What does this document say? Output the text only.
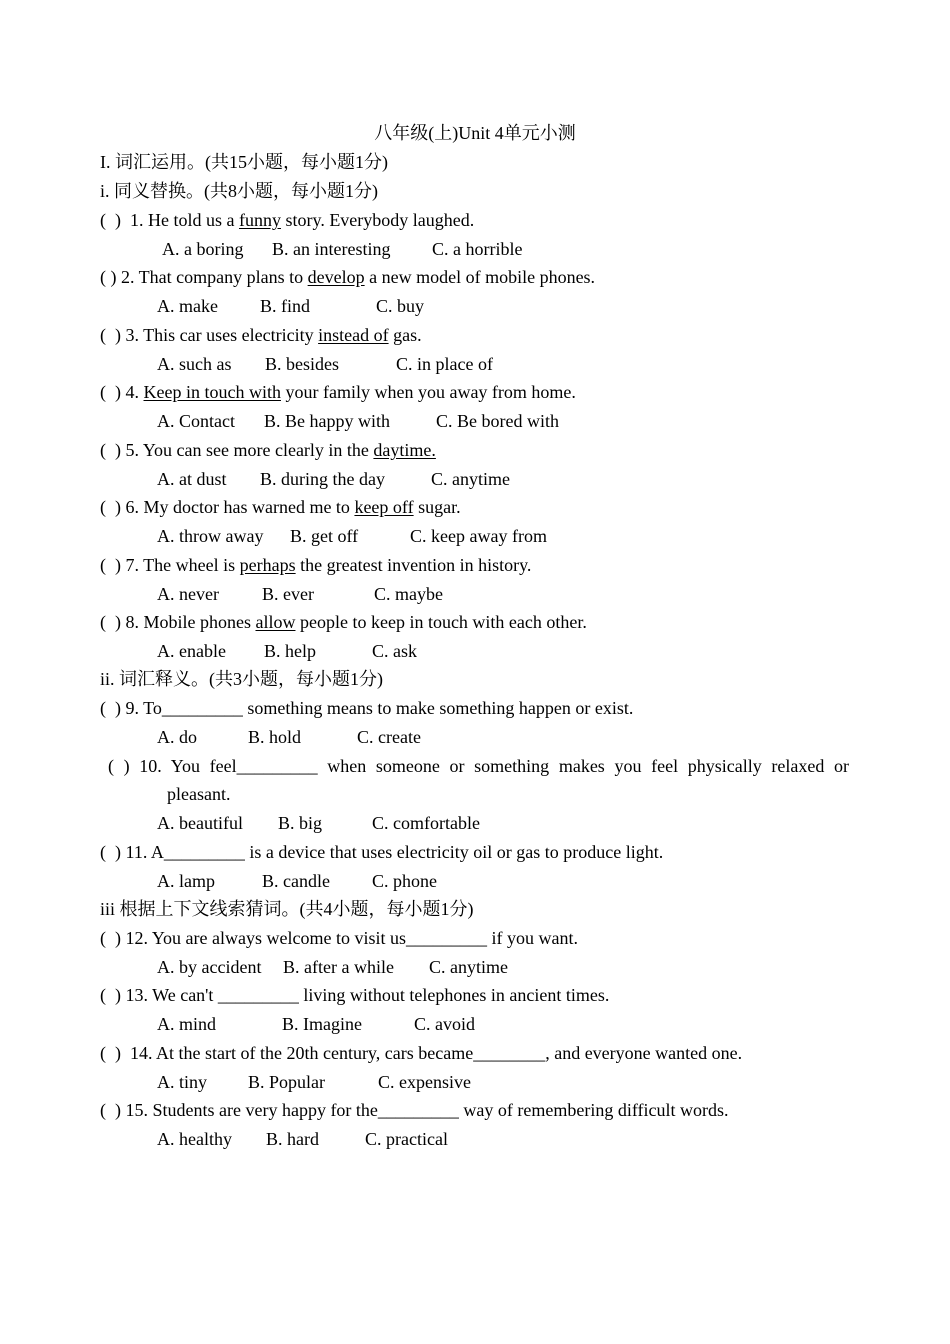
八年级(上)Unit 4单元小测
I. 词汇运用。(共15小题，每小题1分)
i. 同义替换。(共8小题，每小题1分)
(  )  1. He told us a funny story. Everybody laughed.
A. a boring B. an interesting C. a horrible
( ) 2. That company plans to develop a new model of mobile phones.
A. make B. find	C. buy
(  ) 3. This car uses electricity instead of gas.
A. such as B. besides	C. in place of
(  ) 4. Keep in touch with your family when you away from home.
A. Contact B. Be happy with	C. Be bored with
(  ) 5. You can see more clearly in the daytime.
A. at dust B. during the day	C. anytime
(  ) 6. My doctor has warned me to keep off sugar.
A. throw away B. get off	C. keep away from
(  ) 7. The wheel is perhaps the greatest invention in history.
A. never B. ever	C. maybe
(  ) 8. Mobile phones allow people to keep in touch with each other.
A. enable B. help	C. ask
ii. 词汇释义。(共3小题，每小题1分)
(  ) 9. To_________ something means to make something happen or exist.
A. do	B. hold	C. create
( ) 10. You feel_________ when someone or something makes you feel physically relaxed or
pleasant.
A. beautiful B. big	C. comfortable
(  ) 11. A_________ is a device that uses electricity oil or gas to produce light.
A. lamp	B. candle C. phone
iii 根据上下文线索猜词。(共4小题，每小题1分)
(  ) 12. You are always welcome to visit us_________ if you want.
A. by accident B. after a while C. anytime
(  ) 13. We can't _________ living without telephones in ancient times.
A. mind	B. Imagine	C. avoid
(  )  14. At the start of the 20th century, cars became________, and everyone wanted one.
A. tiny B. Popular	C. expensive
(  ) 15. Students are very happy for the_________ way of remembering difficult words.
A. healthy B. hard	C. practical
